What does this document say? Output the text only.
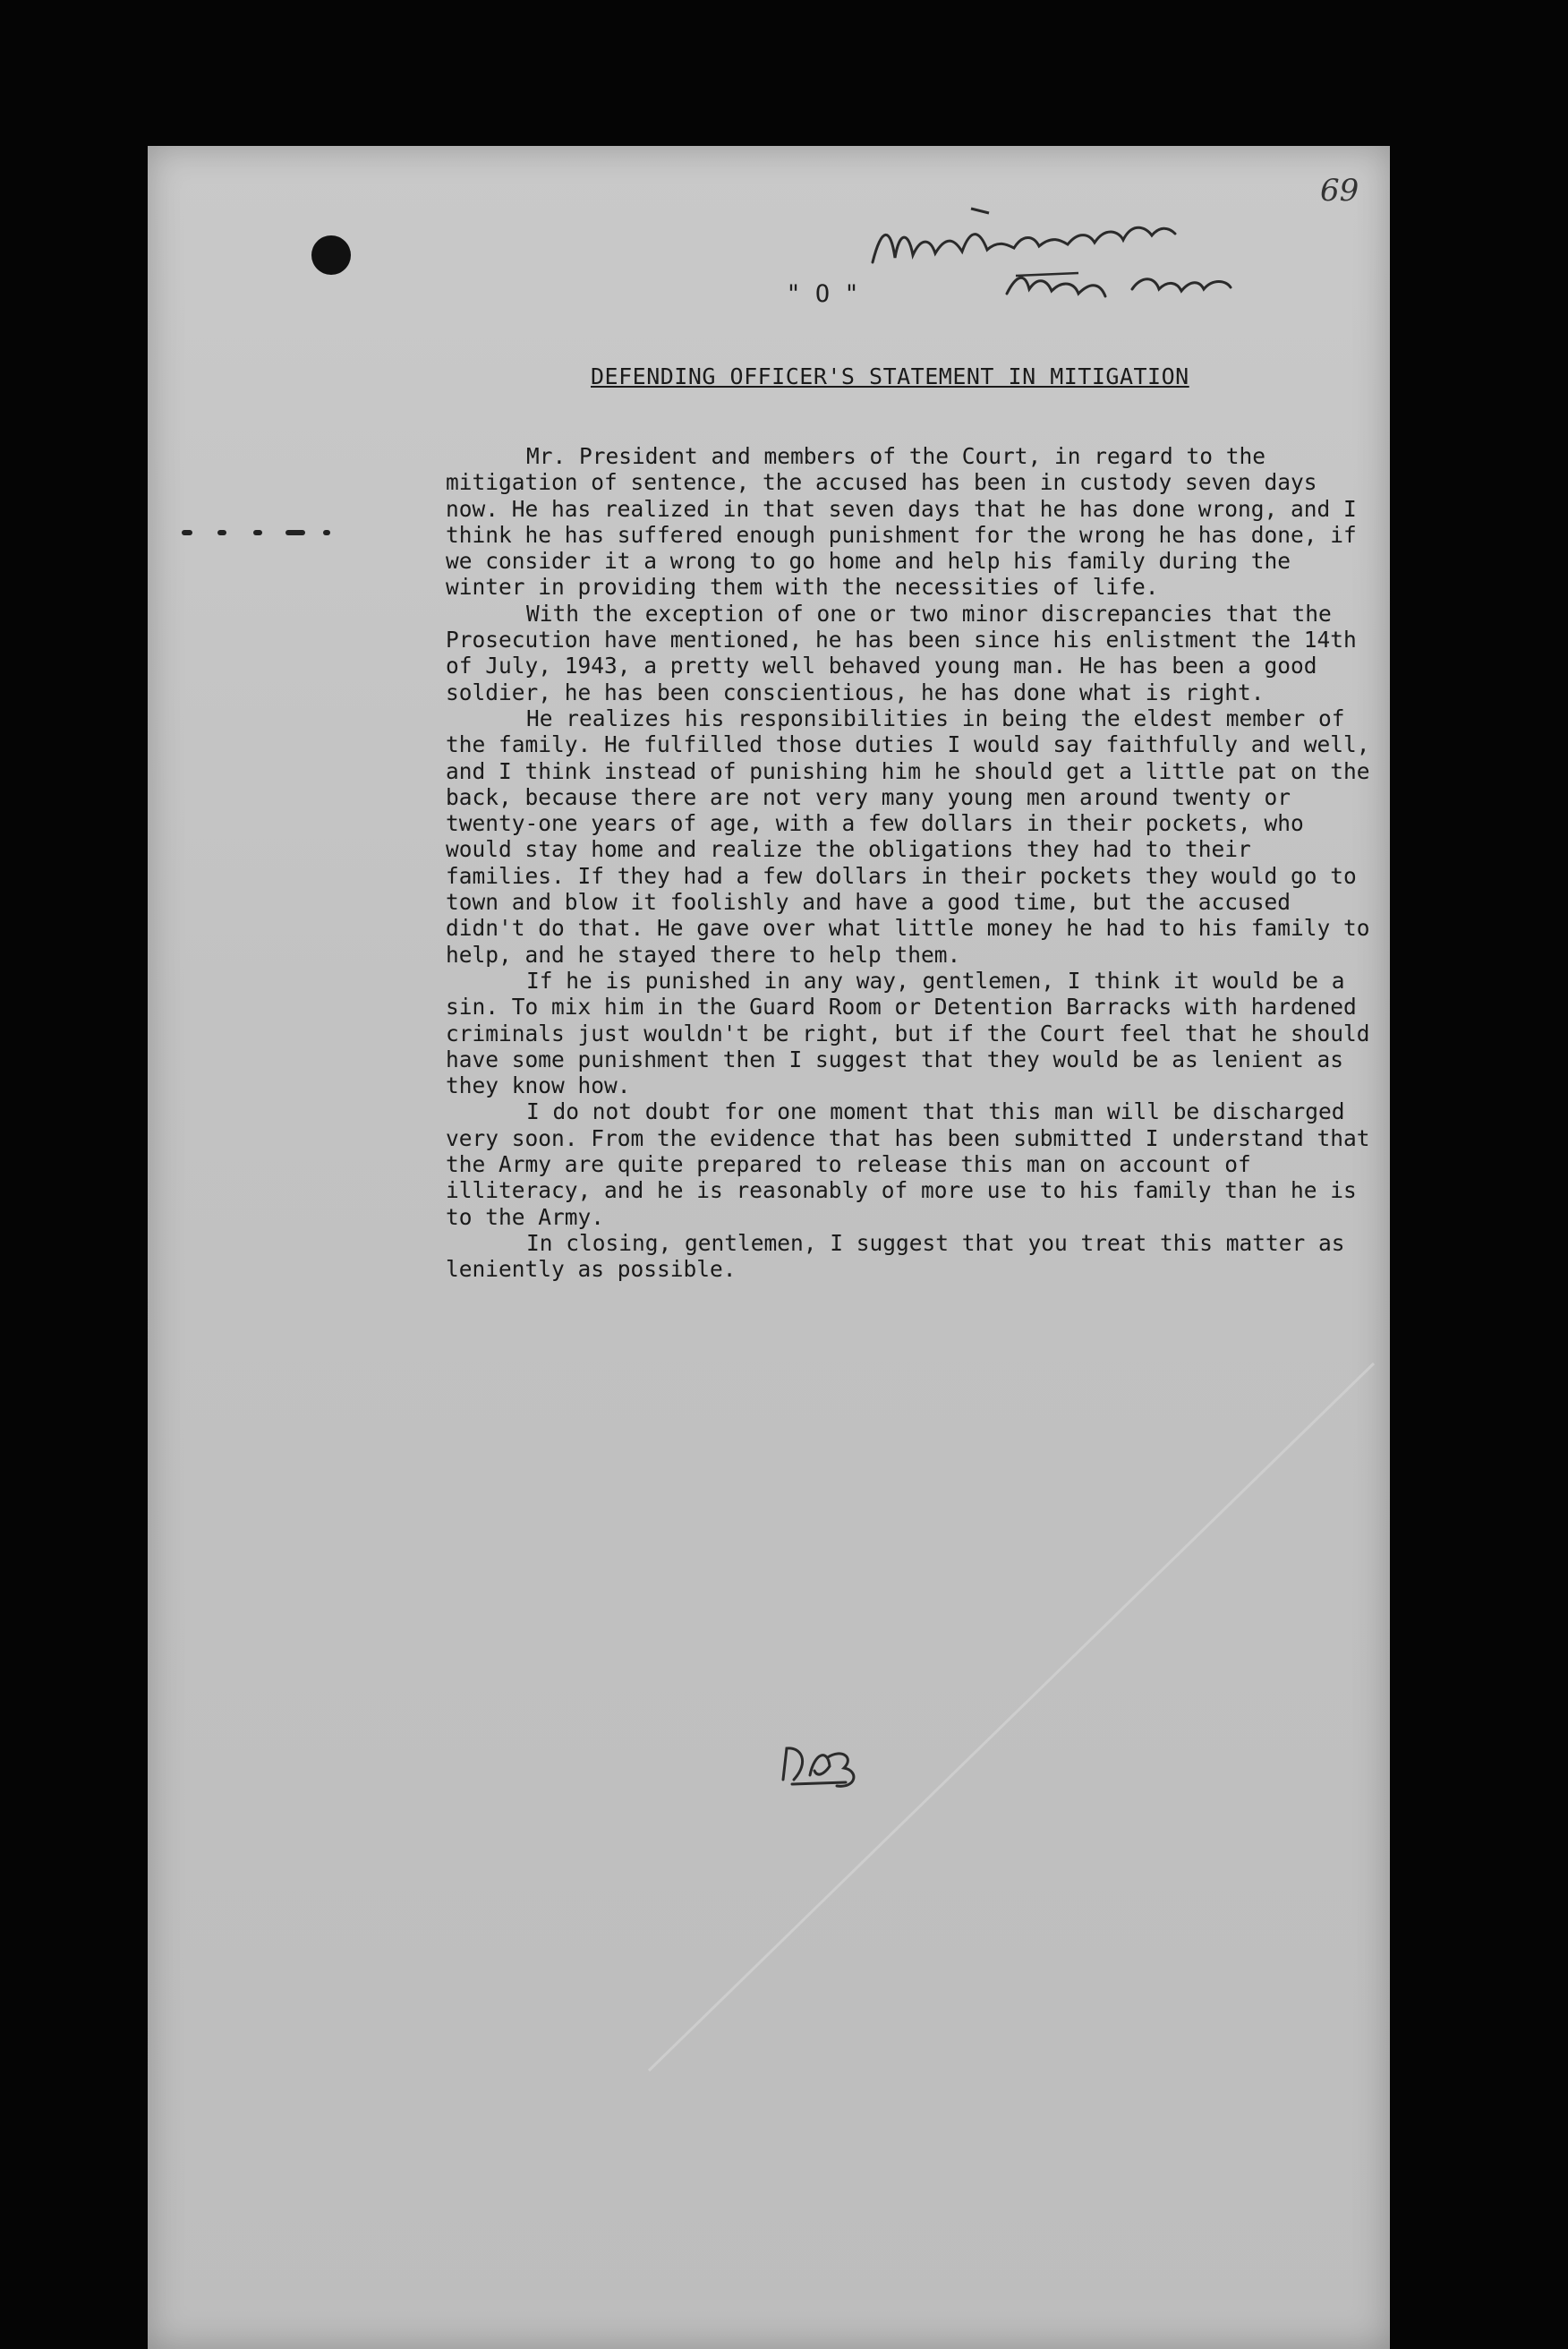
69
" O "
DEFENDING OFFICER'S STATEMENT IN MITIGATION

Mr. President and members of the Court, in regard to the mitigation of sentence, the accused has been in custody seven days now. He has realized in that seven days that he has done wrong, and I think he has suffered enough punishment for the wrong he has done, if we consider it a wrong to go home and help his family during the winter in providing them with the necessities of life.

With the exception of one or two minor discrepancies that the Prosecution have mentioned, he has been since his enlistment the 14th of July, 1943, a pretty well behaved young man. He has been a good soldier, he has been conscientious, he has done what is right.

He realizes his responsibilities in being the eldest member of the family. He fulfilled those duties I would say faithfully and well, and I think instead of punishing him he should get a little pat on the back, because there are not very many young men around twenty or twenty-one years of age, with a few dollars in their pockets, who would stay home and realize the obligations they had to their families. If they had a few dollars in their pockets they would go to town and blow it foolishly and have a good time, but the accused didn't do that. He gave over what little money he had to his family to help, and he stayed there to help them.

If he is punished in any way, gentlemen, I think it would be a sin. To mix him in the Guard Room or Detention Barracks with hardened criminals just wouldn't be right, but if the Court feel that he should have some punishment then I suggest that they would be as lenient as they know how.

I do not doubt for one moment that this man will be discharged very soon. From the evidence that has been submitted I understand that the Army are quite prepared to release this man on account of illiteracy, and he is reasonably of more use to his family than he is to the Army.

In closing, gentlemen, I suggest that you treat this matter as leniently as possible.
